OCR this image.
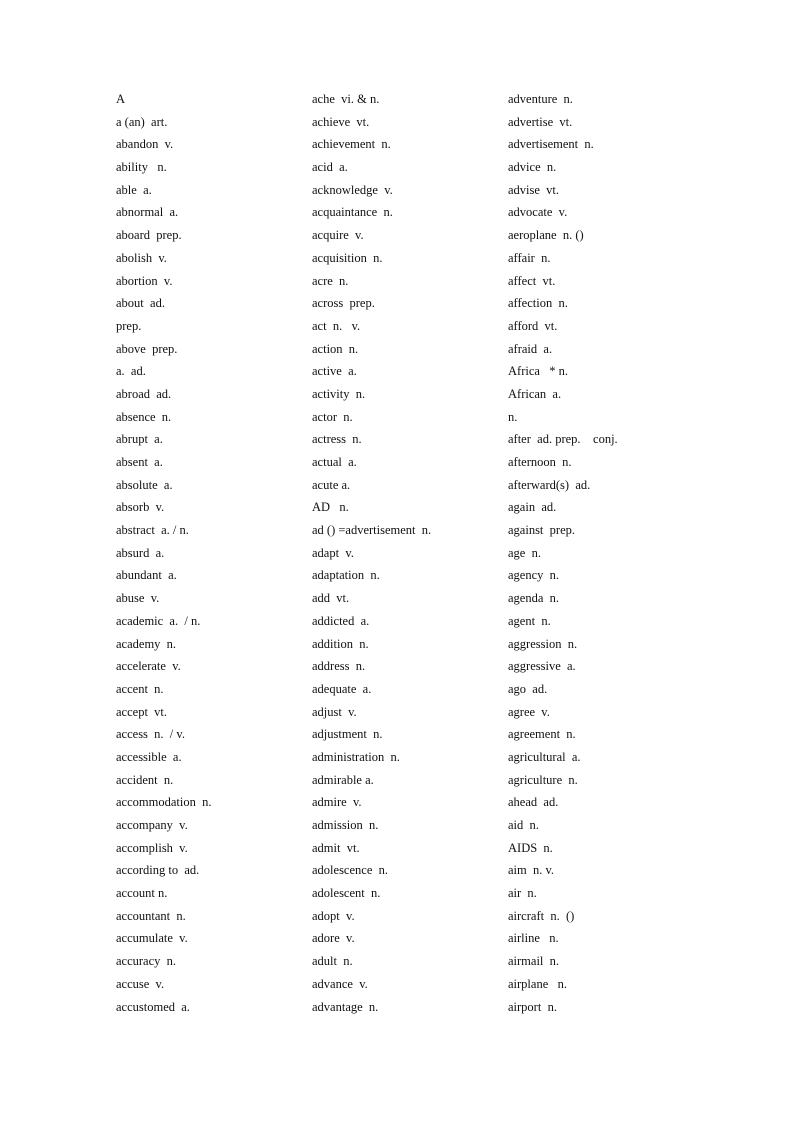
A
a (an)  art.
abandon  v.
ability   n.
able  a.
abnormal  a.
aboard  prep.
abolish  v.
abortion  v.
about  ad.
prep.
above  prep.
a.  ad.
abroad  ad.
absence  n.
abrupt  a.
absent  a.
absolute  a.
absorb  v.
abstract  a. / n.
absurd  a.
abundant  a.
abuse  v.
academic  a.  / n.
academy  n.
accelerate  v.
accent  n.
accept  vt.
access  n.  / v.
accessible  a.
accident  n.
accommodation  n.
accompany  v.
accomplish  v.
according to  ad.
account n.
accountant  n.
accumulate  v.
accuracy  n.
accuse  v.
accustomed  a.
ache  vi. & n.
achieve  vt.
achievement  n.
acid  a.
acknowledge  v.
acquaintance  n.
acquire  v.
acquisition  n.
acre  n.
across  prep.
act  n.   v.
action  n.
active  a.
activity  n.
actor  n.
actress  n.
actual  a.
acute a.
AD   n.
ad () =advertisement  n.
adapt  v.
adaptation  n.
add  vt.
addicted  a.
addition  n.
address  n.
adequate  a.
adjust  v.
adjustment  n.
administration  n.
admirable a.
admire  v.
admission  n.
admit  vt.
adolescence  n.
adolescent  n.
adopt  v.
adore  v.
adult  n.
advance  v.
advantage  n.
adventure  n.
advertise  vt.
advertisement  n.
advice  n.
advise  vt.
advocate  v.
aeroplane  n. ()
affair  n.
affect  vt.
affection  n.
afford  vt.
afraid  a.
Africa   * n.
African  a.
n.
after  ad. prep.    conj.
afternoon  n.
afterward(s)  ad.
again  ad.
against  prep.
age  n.
agency  n.
agenda  n.
agent  n.
aggression  n.
aggressive  a.
ago  ad.
agree  v.
agreement  n.
agricultural  a.
agriculture  n.
ahead  ad.
aid  n.
AIDS  n.
aim  n. v.
air  n.
aircraft  n.  ()
airline   n.
airmail  n.
airplane   n.
airport  n.
